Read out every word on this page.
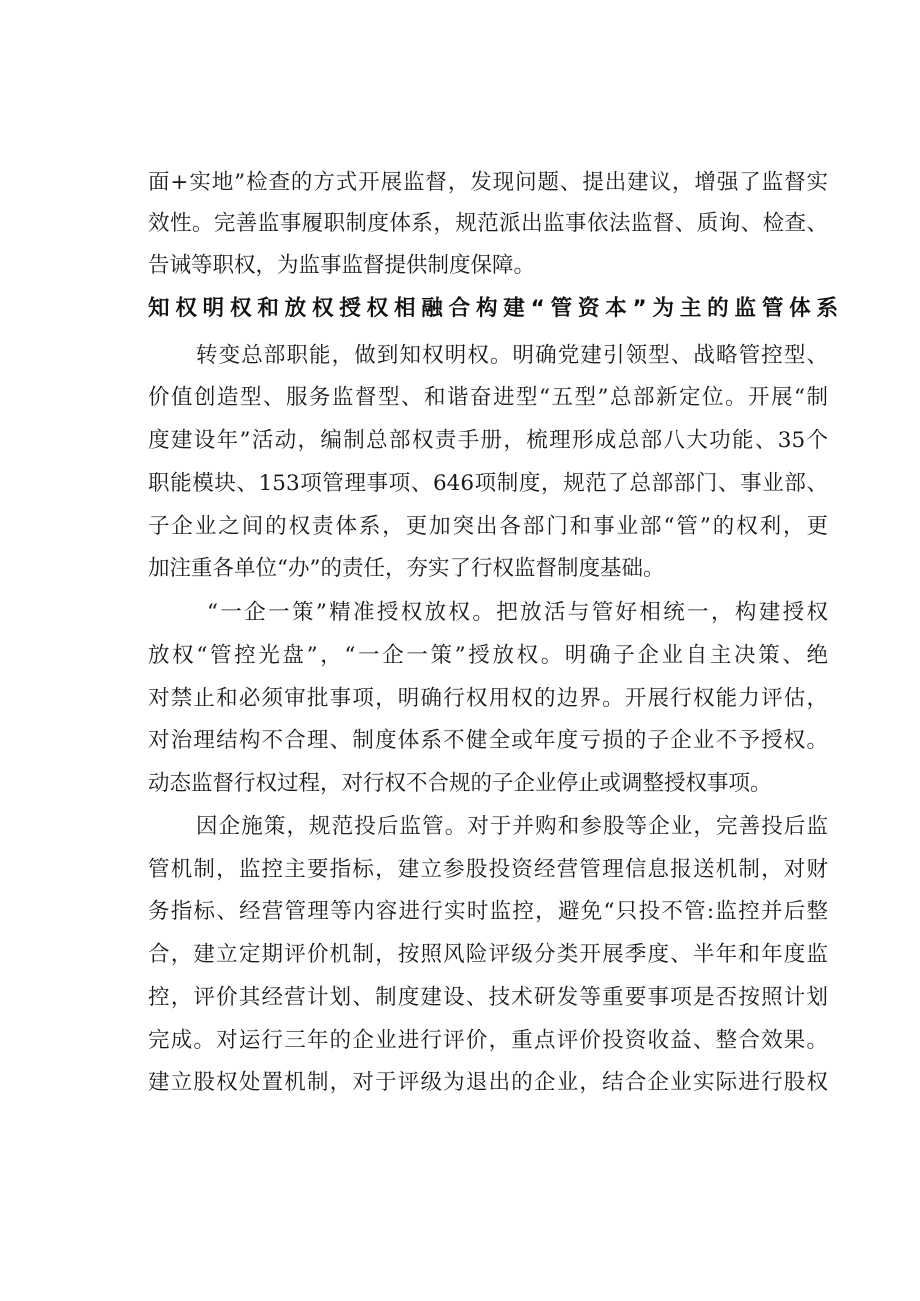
面+实地”检查的方式开展监督，发现问题、提出建议，增强了监督实
效性。完善监事履职制度体系，规范派出监事依法监督、质询、检查、
告诫等职权，为监事监督提供制度保障。
知权明权和放权授权相融合构建“管资本”为主的监管体系
转变总部职能，做到知权明权。明确党建引领型、战略管控型、
价值创造型、服务监督型、和谐奋进型“五型”总部新定位。开展“制
度建设年”活动，编制总部权责手册，梳理形成总部八大功能、35个
职能模块、153项管理事项、646项制度，规范了总部部门、事业部、
子企业之间的权责体系，更加突出各部门和事业部“管”的权利，更
加注重各单位“办”的责任，夯实了行权监督制度基础。
“一企一策”精准授权放权。把放活与管好相统一，构建授权
放权“管控光盘”，“一企一策”授放权。明确子企业自主决策、绝
对禁止和必须审批事项，明确行权用权的边界。开展行权能力评估，
对治理结构不合理、制度体系不健全或年度亏损的子企业不予授权。
动态监督行权过程，对行权不合规的子企业停止或调整授权事项。
因企施策，规范投后监管。对于并购和参股等企业，完善投后监
管机制，监控主要指标，建立参股投资经营管理信息报送机制，对财
务指标、经营管理等内容进行实时监控，避免“只投不管:监控并后整
合，建立定期评价机制，按照风险评级分类开展季度、半年和年度监
控，评价其经营计划、制度建设、技术研发等重要事项是否按照计划
完成。对运行三年的企业进行评价，重点评价投资收益、整合效果。
建立股权处置机制，对于评级为退出的企业，结合企业实际进行股权
